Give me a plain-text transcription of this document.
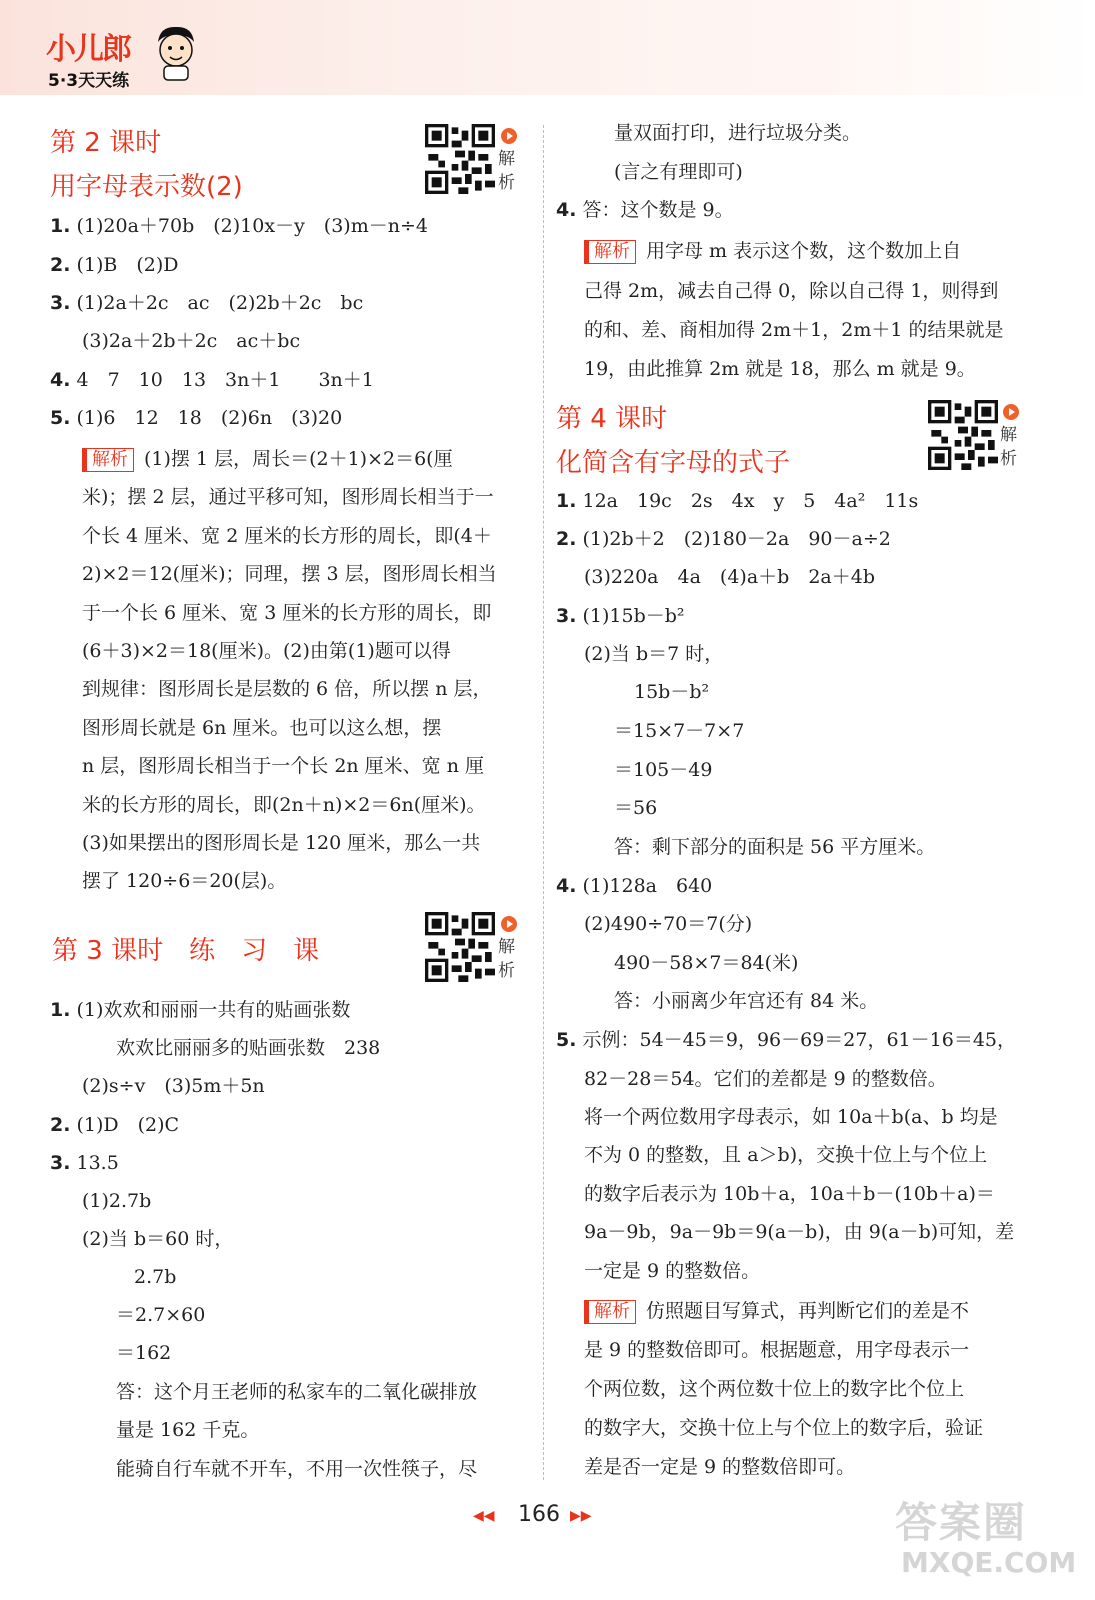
小儿郎
5·3天天练
第 2 课时
用字母表示数(2)
解析
1. (1)20a＋70b　(2)10x－y　(3)m－n÷4
2. (1)B　(2)D
3. (1)2a＋2c　ac　(2)2b＋2c　bc
(3)2a＋2b＋2c　ac＋bc
4. 4　7　10　13　3n＋1　　3n＋1
5. (1)6　12　18　(2)6n　(3)20
解析 (1)摆 1 层，周长＝(2＋1)×2＝6(厘
米)；摆 2 层，通过平移可知，图形周长相当于一
个长 4 厘米、宽 2 厘米的长方形的周长，即(4＋
2)×2＝12(厘米)；同理，摆 3 层，图形周长相当
于一个长 6 厘米、宽 3 厘米的长方形的周长，即
(6＋3)×2＝18(厘米)。(2)由第(1)题可以得
到规律：图形周长是层数的 6 倍，所以摆 n 层，
图形周长就是 6n 厘米。也可以这么想，摆
n 层，图形周长相当于一个长 2n 厘米、宽 n 厘
米的长方形的周长，即(2n＋n)×2＝6n(厘米)。
(3)如果摆出的图形周长是 120 厘米，那么一共
摆了 120÷6＝20(层)。
1. (1)欢欢和丽丽一共有的贴画张数
欢欢比丽丽多的贴画张数　238
(2)s÷v　(3)5m＋5n
2. (1)D　(2)C
3. 13.5
(1)2.7b
(2)当 b＝60 时，
2.7b
＝2.7×60
＝162
答：这个月王老师的私家车的二氧化碳排放
量是 162 千克。
能骑自行车就不开车，不用一次性筷子，尽
第 3 课时　练　习　课	解析
第 4 课时
化简含有字母的式子
解析
量双面打印，进行垃圾分类。
(言之有理即可)
4. 答：这个数是 9。
解析 用字母 m 表示这个数，这个数加上自
己得 2m，减去自己得 0，除以自己得 1，则得到
的和、差、商相加得 2m＋1，2m＋1 的结果就是
19，由此推算 2m 就是 18，那么 m 就是 9。
1. 12a　19c　2s　4x　y　5　4a²　11s
2. (1)2b＋2　(2)180－2a　90－a÷2
(3)220a　4a　(4)a＋b　2a＋4b
3. (1)15b－b²
(2)当 b＝7 时，
15b－b²
＝15×7－7×7
＝105－49
＝56
答：剩下部分的面积是 56 平方厘米。
4. (1)128a　640
(2)490÷70＝7(分)
490－58×7＝84(米)
答：小丽离少年宫还有 84 米。
5. 示例：54－45＝9，96－69＝27，61－16＝45，
82－28＝54。它们的差都是 9 的整数倍。
将一个两位数用字母表示，如 10a＋b(a、b 均是
不为 0 的整数，且 a＞b)，交换十位上与个位上
的数字后表示为 10b＋a，10a＋b－(10b＋a)＝
9a－9b，9a－9b＝9(a－b)，由 9(a－b)可知，差
一定是 9 的整数倍。
解析 仿照题目写算式，再判断它们的差是不
是 9 的整数倍即可。根据题意，用字母表示一
个两位数，这个两位数十位上的数字比个位上
的数字大，交换十位上与个位上的数字后，验证
差是否一定是 9 的整数倍即可。
◀◀ 166 ▶▶	答案圈
MXQE.COM
